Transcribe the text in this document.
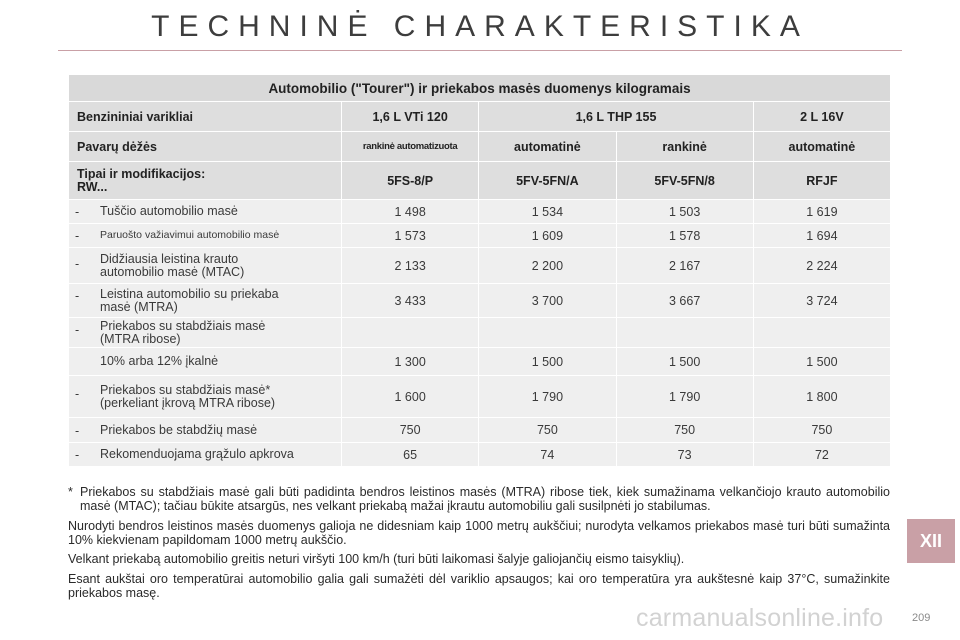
TECHNINĖ CHARAKTERISTIKA
Automobilio ("Tourer") ir priekabos masės duomenys kilogramais				
Benzininiai varikliai	1,6 L VTi 120	1,6 L THP 155		2 L 16V
Pavarų dėžės	rankinė automatizuota	automatinė	rankinė	automatinė
Tipai ir modifikacijos:
RW...	5FS-8/P	5FV-5FN/A	5FV-5FN/8	RFJF

- Tuščio automobilio masė	1 498	1 534	1 503	1 619

- Paruošto važiavimui automobilio masė	1 573	1 609	1 578	1 694

- Didžiausia leistina krauto
automobilio masė (MTAC)	2 133	2 200	2 167	2 224

- Leistina automobilio su priekaba
masė (MTRA)	3 433	3 700	3 667	3 724

- Priekabos su stabdžiais masė
(MTRA ribose)				

10% arba 12% įkalnė	1 300	1 500	1 500	1 500

- Priekabos su stabdžiais masė*
(perkeliant įkrovą MTRA ribose)	1 600	1 790	1 790	1 800

- Priekabos be stabdžių masė	750	750	750	750

- Rekomenduojama grąžulo apkrova	65	74	73	72

* Priekabos su stabdžiais masė gali būti padidinta bendros leistinos masės (MTRA) ribose tiek, kiek sumažinama velkančiojo krauto automobilio masė (MTAC); tačiau būkite atsargūs, nes velkant priekabą mažai įkrautu automobiliu gali susilpnėti jo stabilumas.

Nurodyti bendros leistinos masės duomenys galioja ne didesniam kaip 1000 metrų aukščiui; nurodyta velkamos priekabos masė turi būti sumažinta 10% kiekvienam papildomam 1000 metrų aukščio.

Velkant priekabą automobilio greitis neturi viršyti 100 km/h (turi būti laikomasi šalyje galiojančių eismo taisyklių).

Esant aukštai oro temperatūrai automobilio galia gali sumažėti dėl variklio apsaugos; kai oro temperatūra yra aukštesnė kaip 37°C, sumažinkite priekabos masę.

XII
209
carmanualsonline.info
